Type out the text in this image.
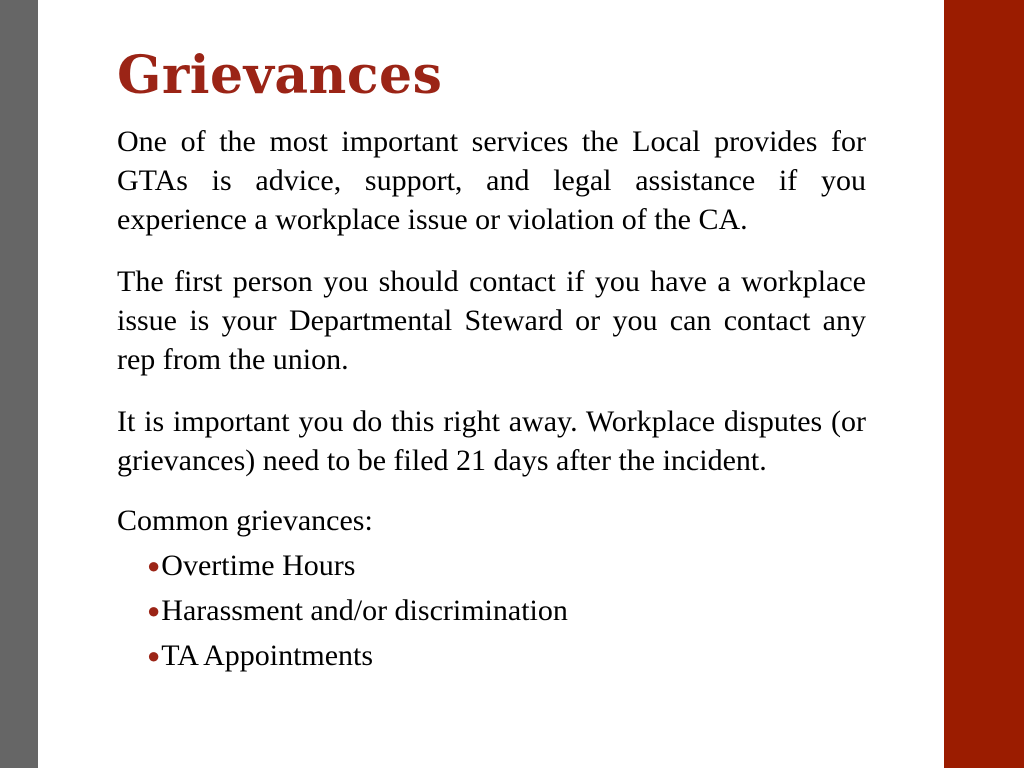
Grievances

One of the most important services the Local provides for GTAs is advice, support, and legal assistance if you experience a workplace issue or violation of the CA.

The first person you should contact if you have a workplace issue is your Departmental Steward or you can contact any rep from the union.

It is important you do this right away. Workplace disputes (or grievances) need to be filed 21 days after the incident.

Common grievances:

●Overtime Hours
●Harassment and/or discrimination
●TA Appointments
